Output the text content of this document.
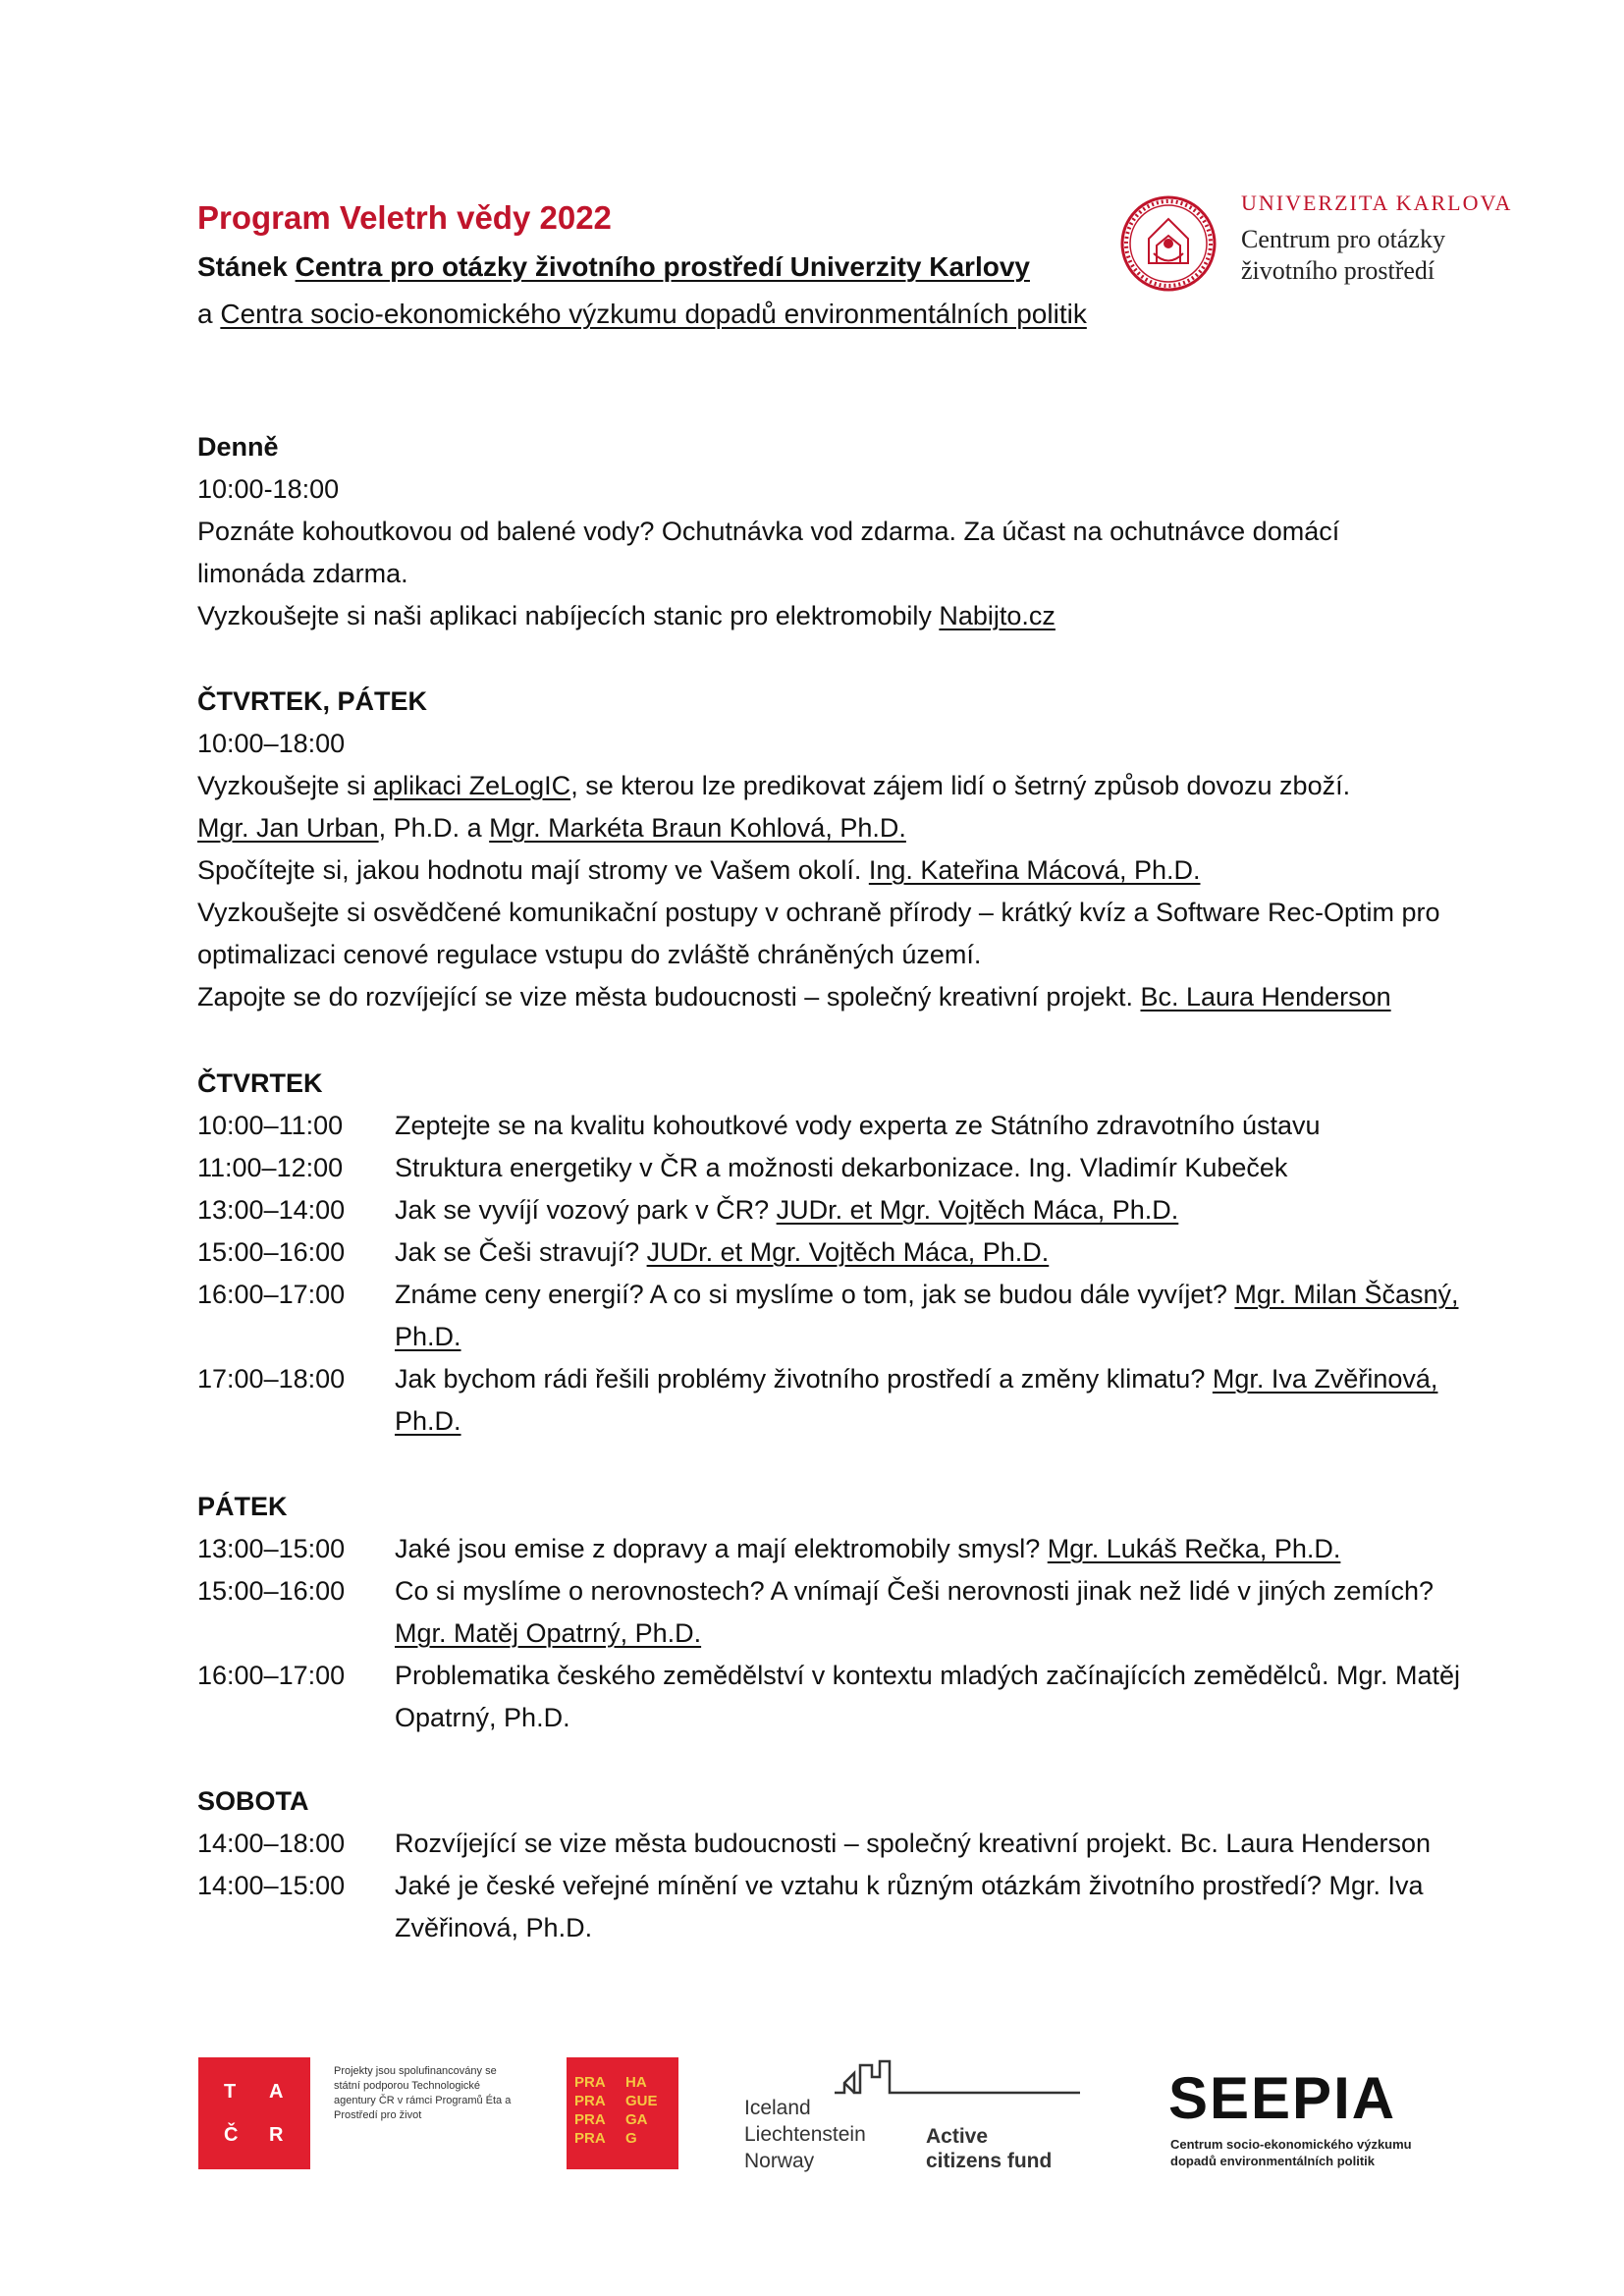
Program Veletrh vědy 2022
Stánek Centra pro otázky životního prostředí Univerzity Karlovy
a Centra socio-ekonomického výzkumu dopadů environmentálních politik
UNIVERZITA KARLOVA
Centrum pro otázky
životního prostředí

Denně

10:00-18:00

Poznáte kohoutkovou od balené vody? Ochutnávka vod zdarma. Za účast na ochutnávce domácí limonáda zdarma.

Vyzkoušejte si naši aplikaci nabíjecích stanic pro elektromobily Nabijto.cz

ČTVRTEK, PÁTEK

10:00–18:00

Vyzkoušejte si aplikaci ZeLogIC, se kterou lze predikovat zájem lidí o šetrný způsob dovozu zboží.

Mgr. Jan Urban, Ph.D. a Mgr. Markéta Braun Kohlová, Ph.D.

Spočítejte si, jakou hodnotu mají stromy ve Vašem okolí. Ing. Kateřina Mácová, Ph.D.

Vyzkoušejte si osvědčené komunikační postupy v ochraně přírody – krátký kvíz a Software Rec-Optim pro optimalizaci cenové regulace vstupu do zvláště chráněných území.

Zapojte se do rozvíjející se vize města budoucnosti – společný kreativní projekt. Bc. Laura Henderson

ČTVRTEK
10:00–11:00 Zeptejte se na kvalitu kohoutkové vody experta ze Státního zdravotního ústavu
11:00–12:00 Struktura energetiky v ČR a možnosti dekarbonizace. Ing. Vladimír Kubeček
13:00–14:00 Jak se vyvíjí vozový park v ČR? JUDr. et Mgr. Vojtěch Máca, Ph.D.
15:00–16:00 Jak se Češi stravují? JUDr. et Mgr. Vojtěch Máca, Ph.D.
16:00–17:00 Známe ceny energií? A co si myslíme o tom, jak se budou dále vyvíjet? Mgr. Milan Ščasný, Ph.D.
17:00–18:00 Jak bychom rádi řešili problémy životního prostředí a změny klimatu? Mgr. Iva Zvěřinová, Ph.D.
PÁTEK
13:00–15:00 Jaké jsou emise z dopravy a mají elektromobily smysl? Mgr. Lukáš Rečka, Ph.D.
15:00–16:00 Co si myslíme o nerovnostech? A vnímají Češi nerovnosti jinak než lidé v jiných zemích? Mgr. Matěj Opatrný, Ph.D.
16:00–17:00 Problematika českého zemědělství v kontextu mladých začínajících zemědělců. Mgr. Matěj Opatrný, Ph.D.
SOBOTA
14:00–18:00 Rozvíjející se vize města budoucnosti – společný kreativní projekt. Bc. Laura Henderson
14:00–15:00 Jaké je české veřejné mínění ve vztahu k různým otázkám životního prostředí? Mgr. Iva Zvěřinová, Ph.D.
T A
Č R
Projekty jsou spolufinancovány se státní podporou Technologické agentury ČR v rámci Programů Éta a Prostředí pro život
PRA
PRA
PRA
PRA
HA
GUE
GA
G
Iceland
Liechtenstein
Norway
Active
citizens fund
SEEPIA
Centrum socio-ekonomického výzkumu
dopadů environmentálních politik
